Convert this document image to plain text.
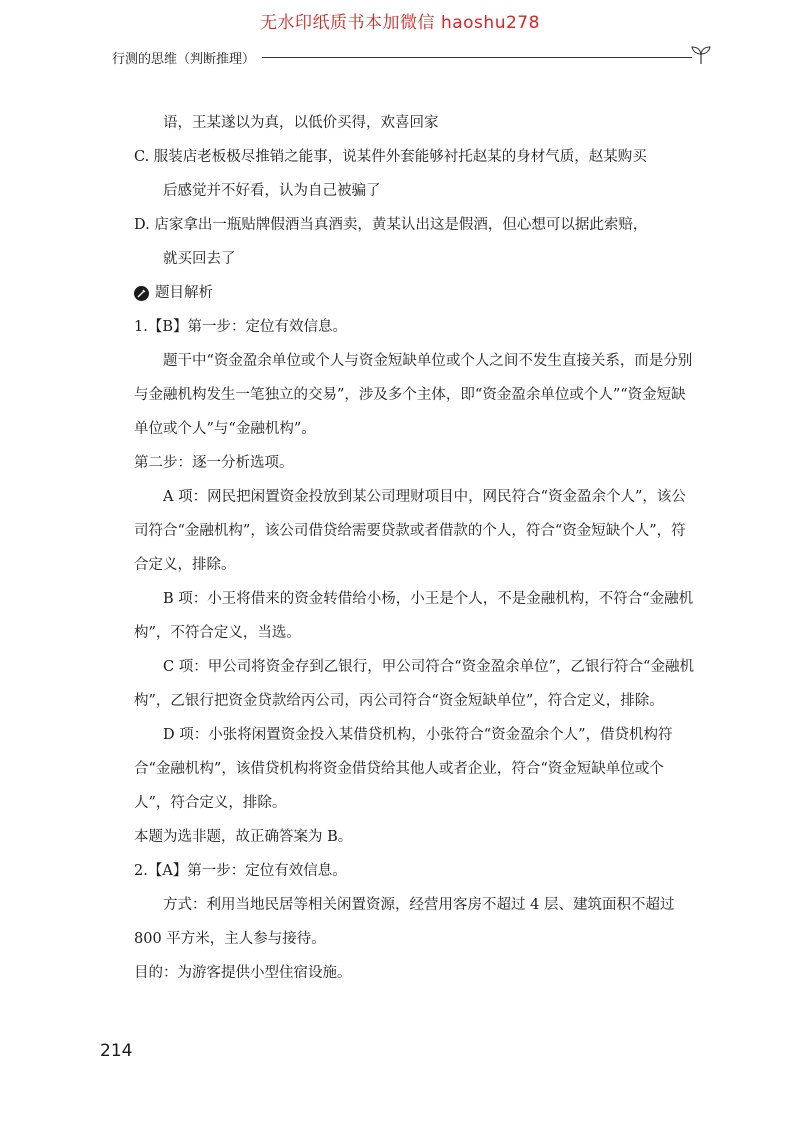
无水印纸质书本加微信 haoshu278
行测的思维（判断推理）

语，王某遂以为真，以低价买得，欢喜回家

C. 服装店老板极尽推销之能事，说某件外套能够衬托赵某的身材气质，赵某购买

后感觉并不好看，认为自己被骗了

D. 店家拿出一瓶贴牌假酒当真酒卖，黄某认出这是假酒，但心想可以据此索赔，

就买回去了

题目解析

1.【B】第一步：定位有效信息。

题干中“资金盈余单位或个人与资金短缺单位或个人之间不发生直接关系，而是分别与金融机构发生一笔独立的交易”，涉及多个主体，即“资金盈余单位或个人”“资金短缺单位或个人”与“金融机构”。

第二步：逐一分析选项。

A 项：网民把闲置资金投放到某公司理财项目中，网民符合“资金盈余个人”，该公司符合“金融机构”，该公司借贷给需要贷款或者借款的个人，符合“资金短缺个人”，符合定义，排除。

B 项：小王将借来的资金转借给小杨，小王是个人，不是金融机构，不符合“金融机构”，不符合定义，当选。

C 项：甲公司将资金存到乙银行，甲公司符合“资金盈余单位”，乙银行符合“金融机构”，乙银行把资金贷款给丙公司，丙公司符合“资金短缺单位”，符合定义，排除。

D 项：小张将闲置资金投入某借贷机构，小张符合“资金盈余个人”，借贷机构符合“金融机构”，该借贷机构将资金借贷给其他人或者企业，符合“资金短缺单位或个人”，符合定义，排除。

本题为选非题，故正确答案为 B。

2.【A】第一步：定位有效信息。

方式：利用当地民居等相关闲置资源，经营用客房不超过 4 层、建筑面积不超过 800 平方米，主人参与接待。

目的：为游客提供小型住宿设施。

214
